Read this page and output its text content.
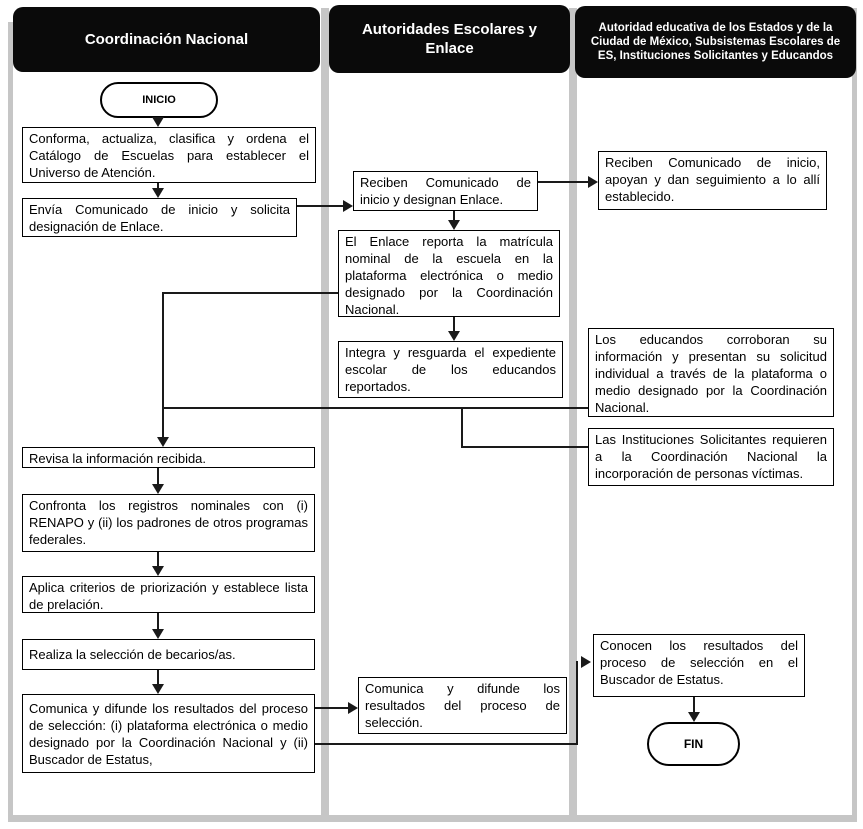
Coordinación Nacional
Autoridades Escolares y Enlace
Autoridad educativa de los Estados y de la Ciudad de México, Subsistemas Escolares de ES, Instituciones Solicitantes y Educandos
INICIO
FIN
Conforma, actualiza, clasifica y ordena el Catálogo de Escuelas para establecer el Universo de Atención.
Envía Comunicado de inicio y solicita designación de Enlace.
Revisa la información recibida.
Confronta los registros nominales con (i) RENAPO y (ii) los padrones de otros programas federales.
Aplica criterios de priorización y establece lista de prelación.
Realiza la selección de becarios/as.
Comunica y difunde los resultados del proceso de selección: (i) plataforma electrónica o medio designado por la Coordinación Nacional y (ii) Buscador de Estatus,
Reciben Comunicado de inicio y designan Enlace.
El Enlace reporta la matrícula nominal de la escuela en la plataforma electrónica o medio designado por la Coordinación Nacional.
Integra y resguarda el expediente escolar de los educandos reportados.
Comunica y difunde los resultados del proceso de selección.
Reciben Comunicado de inicio, apoyan y dan seguimiento a lo allí establecido.
Los educandos corroboran su información y presentan su solicitud individual a través de la plataforma o medio designado por la Coordinación Nacional.
Las Instituciones Solicitantes requieren a la Coordinación Nacional la incorporación de personas víctimas.
Conocen los resultados del proceso de selección en el Buscador de Estatus.
